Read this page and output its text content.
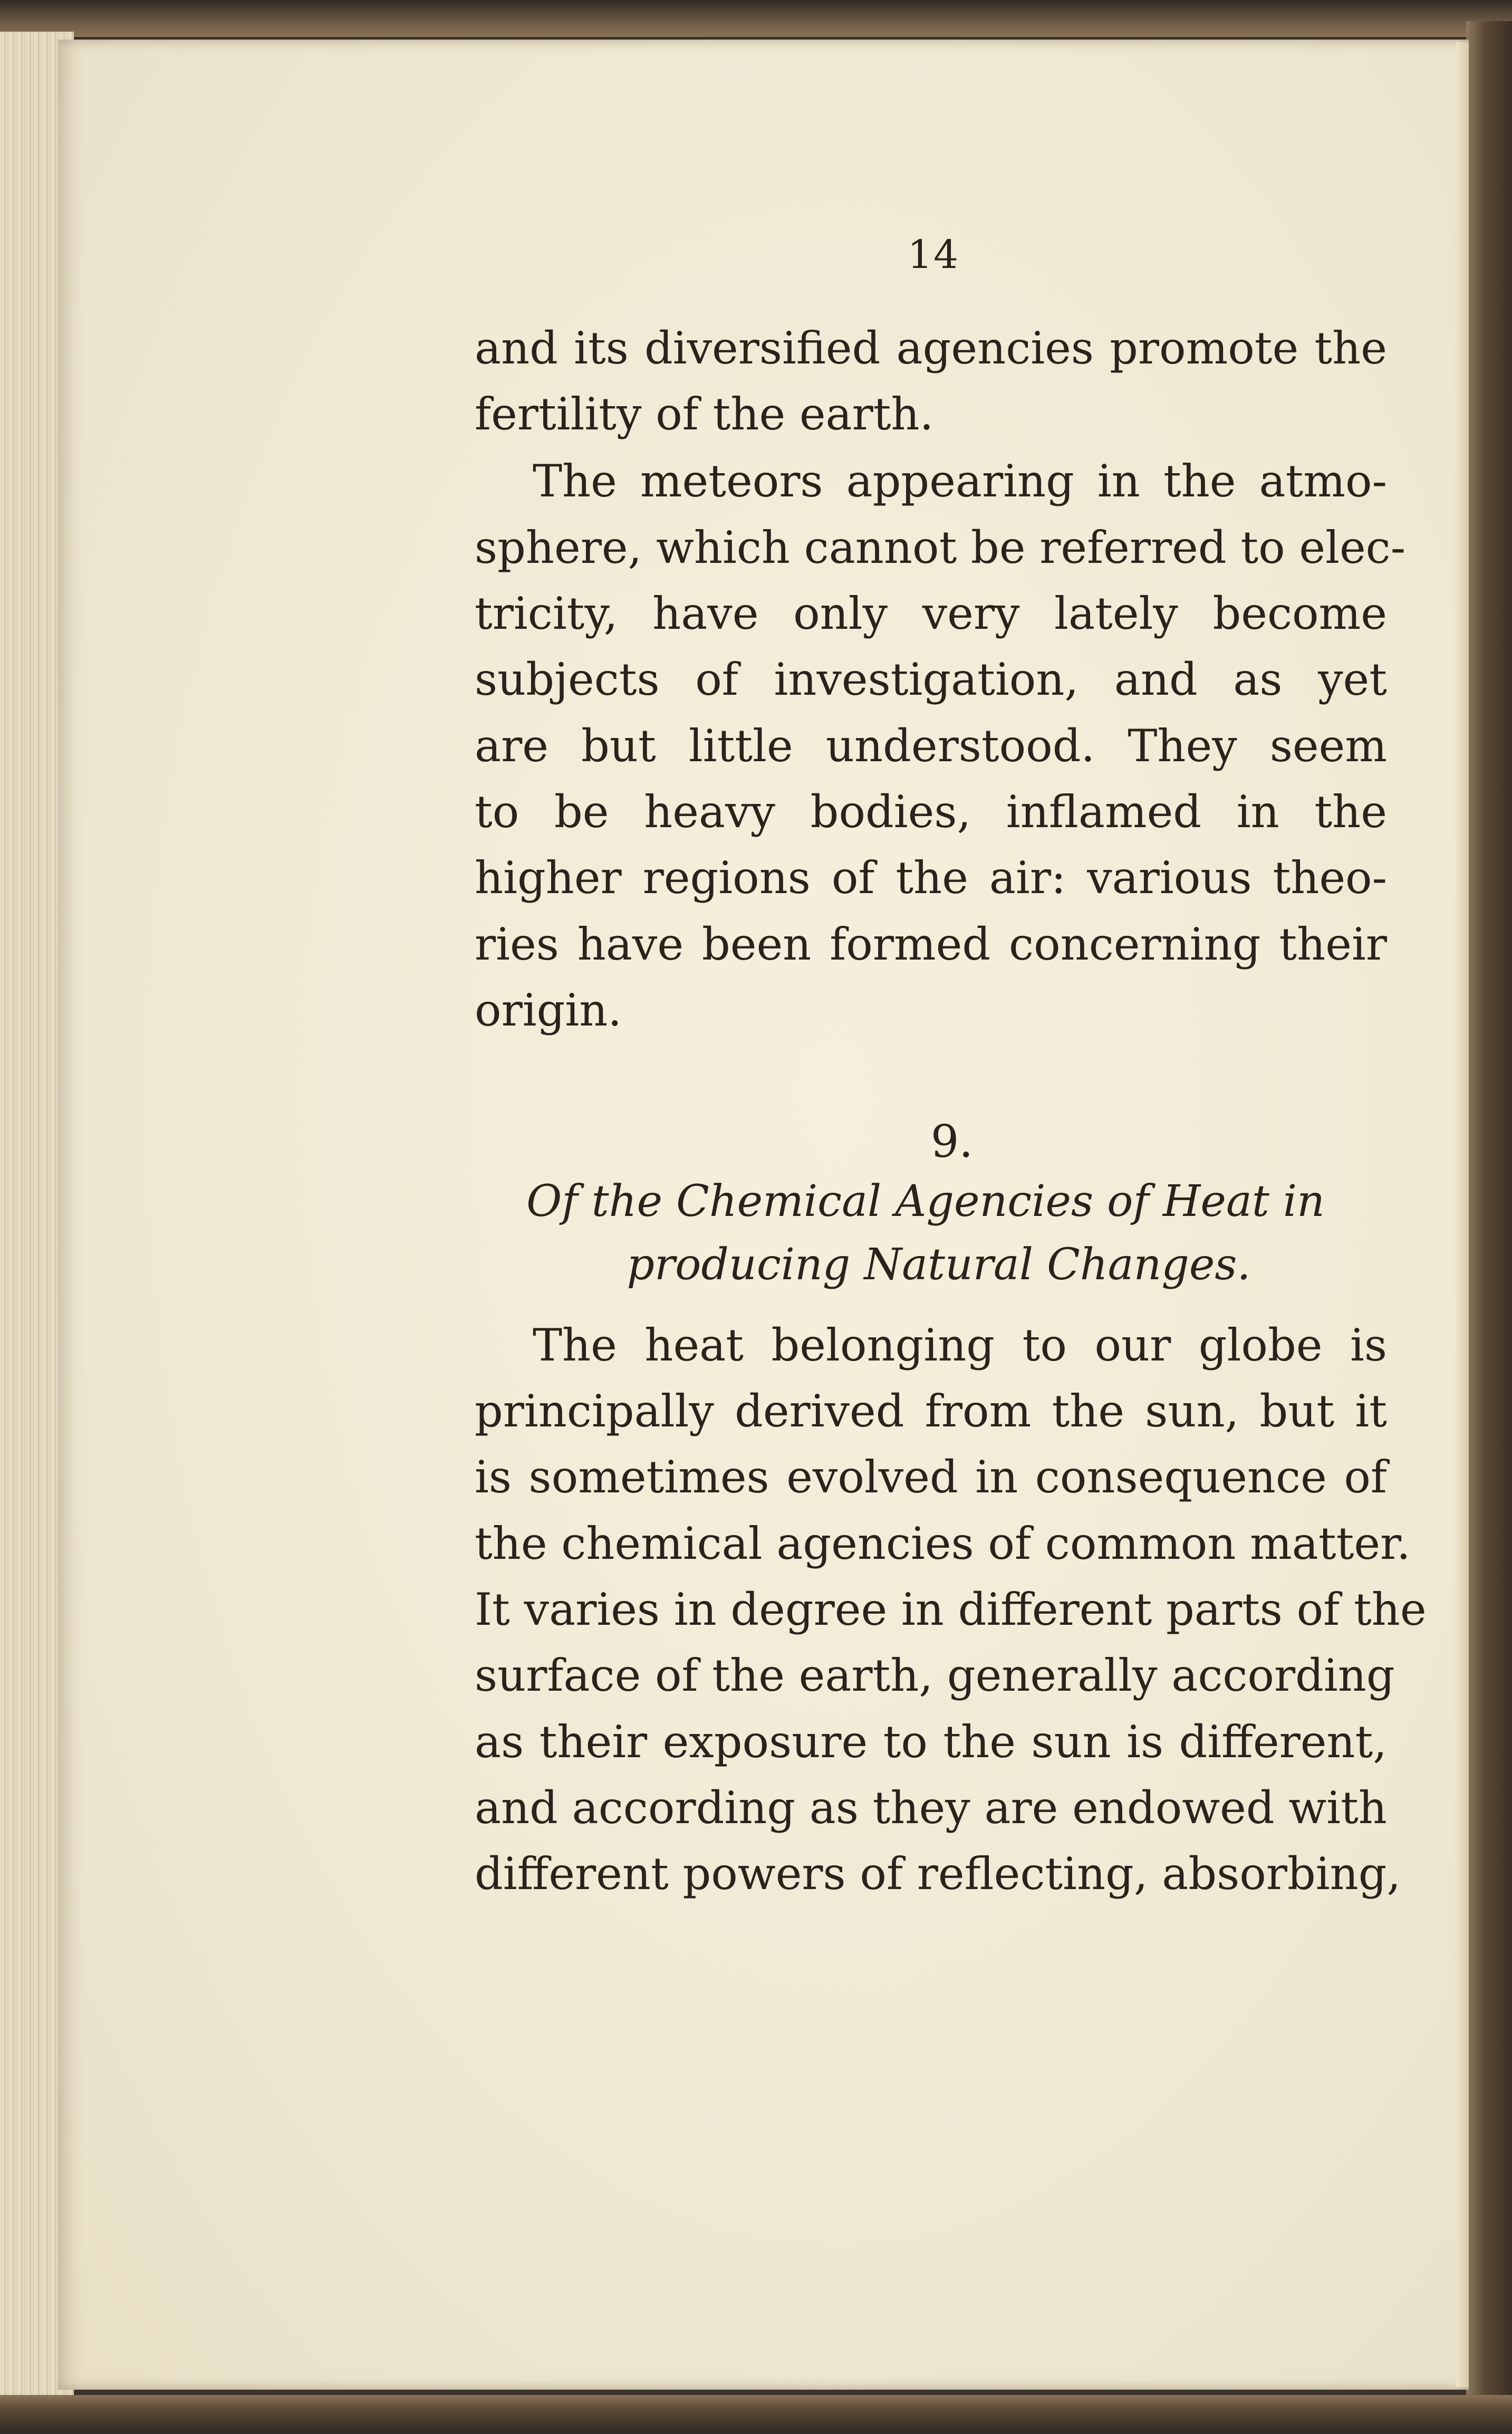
14
and its diversified agencies promote the
fertility of the earth.
The meteors appearing in the atmo-
sphere, which cannot be referred to elec-
tricity, have only very lately become
subjects of investigation, and as yet
are but little understood. They seem
to be heavy bodies, inflamed in the
higher regions of the air: various theo-
ries have been formed concerning their
origin.
9.
Of the Chemical Agencies of Heat in
producing Natural Changes.
The heat belonging to our globe is
principally derived from the sun, but it
is sometimes evolved in consequence of
the chemical agencies of common matter.
It varies in degree in different parts of the
surface of the earth, generally according
as their exposure to the sun is different,
and according as they are endowed with
different powers of reflecting, absorbing,
